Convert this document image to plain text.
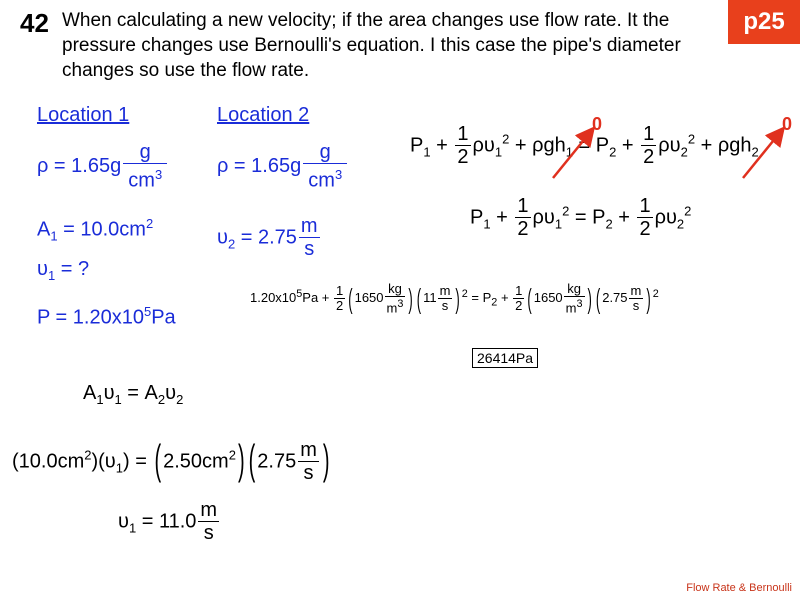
42 When calculating a new velocity; if the area changes use flow rate. It the pressure changes use Bernoulli's equation. I this case the pipe's diameter changes so use the flow rate.
p25
Location 1
$\rho = 1.65g \frac{g}{cm^3}$
$A_1 = 10.0cm^2$
$\upsilon_1$ = ?
$P = 1.20x10^5Pa$
Location 2
$\rho = 1.65g \frac{g}{cm^3}$
$\upsilon_2 = 2.75 \frac{m}{s}$
$P_1 + \frac{1}{2} \rho\upsilon_1^2 + \rho gh_1 = P_2 + \frac{1}{2} \rho\upsilon_2^2 + \rho gh_2$
0	0
$P_1 + \frac{1}{2} \rho\upsilon_1^2 = P_2 + \frac{1}{2} \rho\upsilon_2^2$
$1.20x10^5Pa + \frac{1}{2}$ ( $1650 \frac{kg}{m^3}$ ) ( $11 \frac{m}{s}$ ) $^2 = P_2 + \frac{1}{2}$ ( $1650 \frac{kg}{m^3}$ ) ( $2.75 \frac{m}{s}$ ) $^2$
26414Pa
$A_1\upsilon_1 = A_2\upsilon_2$
$(10.0cm^2)(\upsilon_1)$ = ( $2.50cm^2$ ) ( $2.75 \frac{m}{s}$ )
$\upsilon_1 = 11.0 \frac{m}{s}$
Flow Rate & Bernoulli
